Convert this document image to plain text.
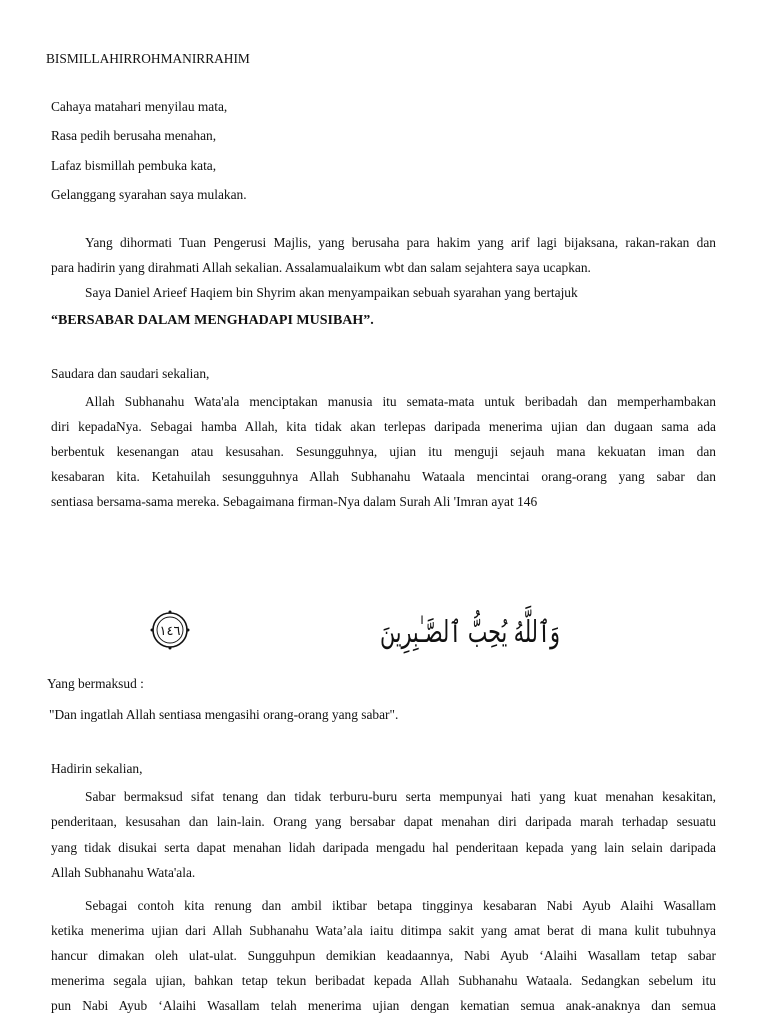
BISMILLAHIRROHMANIRRAHIM
Cahaya matahari menyilau mata,
Rasa pedih berusaha menahan,
Lafaz bismillah pembuka kata,
Gelanggang syarahan saya mulakan.
Yang dihormati Tuan Pengerusi Majlis, yang berusaha para hakim yang arif lagi bijaksana, rakan-rakan dan
para hadirin yang dirahmati Allah sekalian. Assalamualaikum wbt dan salam sejahtera saya ucapkan.
Saya Daniel Arieef Haqiem bin Shyrim akan menyampaikan sebuah syarahan yang bertajuk
“BERSABAR DALAM MENGHADAPI MUSIBAH”.
Saudara dan saudari sekalian,
Allah Subhanahu Wata'ala menciptakan manusia itu semata-mata untuk beribadah dan memperhambakan
diri kepadaNya. Sebagai hamba Allah, kita tidak akan terlepas daripada menerima ujian dan dugaan sama ada
berbentuk kesenangan atau kesusahan. Sesungguhnya, ujian itu menguji sejauh mana kekuatan iman dan
kesabaran kita. Ketahuilah sesungguhnya Allah Subhanahu Wataala mencintai orang-orang yang sabar dan
sentiasa bersama-sama mereka. Sebagaimana firman-Nya dalam Surah Ali 'Imran ayat 146
١٤٦	وَٱللَّهُ يُحِبُّ ٱلصَّـٰبِرِينَ
Yang bermaksud :
"Dan ingatlah Allah sentiasa mengasihi orang-orang yang sabar".
Hadirin sekalian,
Sabar bermaksud sifat tenang dan tidak terburu-buru serta mempunyai hati yang kuat menahan kesakitan,
penderitaan, kesusahan dan lain-lain. Orang yang bersabar dapat menahan diri daripada marah terhadap sesuatu
yang tidak disukai serta dapat menahan lidah daripada mengadu hal penderitaan kepada yang lain selain daripada
Allah Subhanahu Wata'ala.
Sebagai contoh kita renung dan ambil iktibar betapa tingginya kesabaran Nabi Ayub Alaihi Wasallam
ketika menerima ujian dari Allah Subhanahu Wata’ala iaitu ditimpa sakit yang amat berat di mana kulit tubuhnya
hancur dimakan oleh ulat-ulat. Sungguhpun demikian keadaannya, Nabi Ayub ‘Alaihi Wasallam tetap sabar
menerima segala ujian, bahkan tetap tekun beribadat kepada Allah Subhanahu Wataala. Sedangkan sebelum itu
pun Nabi Ayub ‘Alaihi Wasallam telah menerima ujian dengan kematian semua anak-anaknya dan semua
